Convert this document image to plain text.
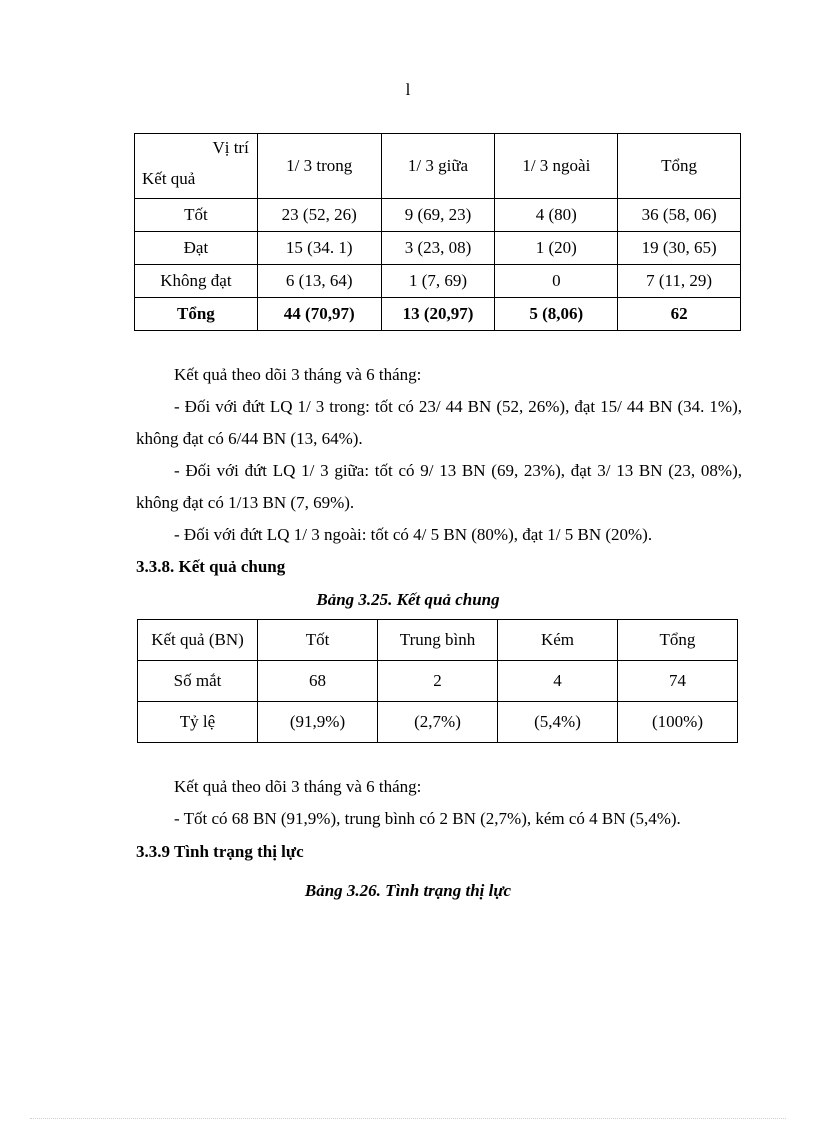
l
Vị trí
Kết quả	1/ 3 trong	1/ 3 giữa	1/ 3 ngoài	Tổng
Tốt	23 (52, 26)	9 (69, 23)	4 (80)	36 (58, 06)
Đạt	15 (34. 1)	3 (23, 08)	1 (20)	19 (30, 65)
Không đạt	6 (13, 64)	1 (7, 69)	0	7 (11, 29)
Tổng	44 (70,97)	13 (20,97)	5 (8,06)	62
Kết quả theo dõi 3 tháng và 6 tháng:
- Đối với đứt LQ 1/ 3 trong: tốt có 23/ 44 BN (52, 26%), đạt 15/ 44 BN (34. 1%), không đạt có 6/44 BN (13, 64%).
- Đối với đứt LQ 1/ 3 giữa: tốt có 9/ 13 BN (69, 23%), đạt 3/ 13 BN (23, 08%), không đạt có 1/13 BN (7, 69%).
- Đối với đứt LQ 1/ 3 ngoài: tốt có 4/ 5 BN (80%), đạt 1/ 5 BN (20%).
3.3.8. Kết quả chung
Bảng 3.25. Kết quả chung
Kết quả (BN)	Tốt	Trung bình	Kém	Tổng
Số mắt	68	2	4	74
Tỷ lệ	(91,9%)	(2,7%)	(5,4%)	(100%)
Kết quả theo dõi 3 tháng và 6 tháng:
- Tốt có 68 BN (91,9%), trung bình có 2 BN (2,7%), kém có 4 BN (5,4%).
3.3.9 Tình trạng thị lực
Bảng 3.26. Tình trạng thị lực
